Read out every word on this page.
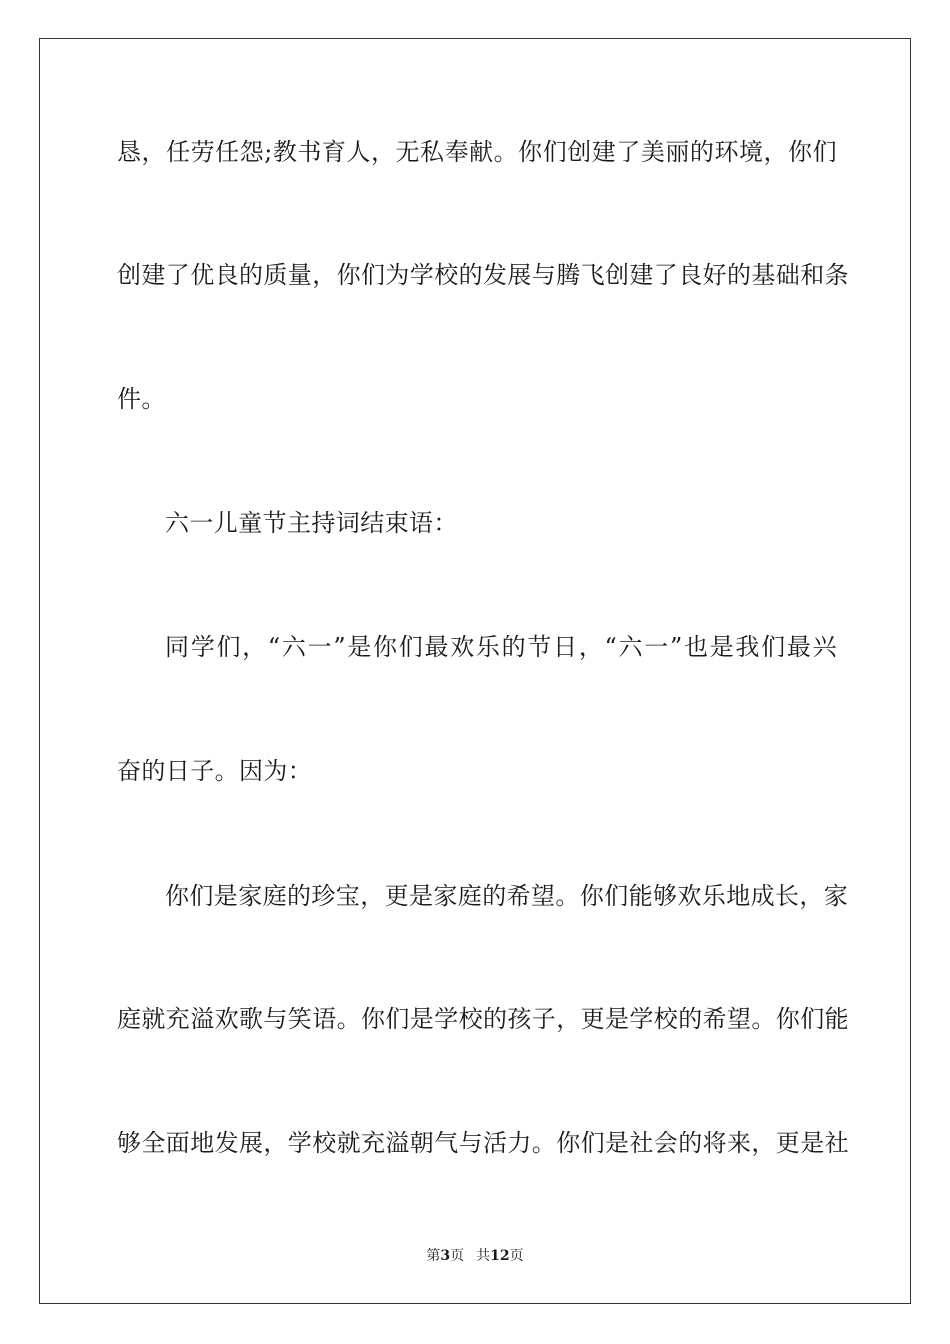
恳，任劳任怨;教书育人，无私奉献。你们创建了美丽的环境，你们
创建了优良的质量，你们为学校的发展与腾飞创建了良好的基础和条
件。
六一儿童节主持词结束语：
同学们，“六一”是你们最欢乐的节日，“六一”也是我们最兴
奋的日子。因为：
你们是家庭的珍宝，更是家庭的希望。你们能够欢乐地成长，家
庭就充溢欢歌与笑语。你们是学校的孩子，更是学校的希望。你们能
够全面地发展，学校就充溢朝气与活力。你们是社会的将来，更是社
第3页 共12页
